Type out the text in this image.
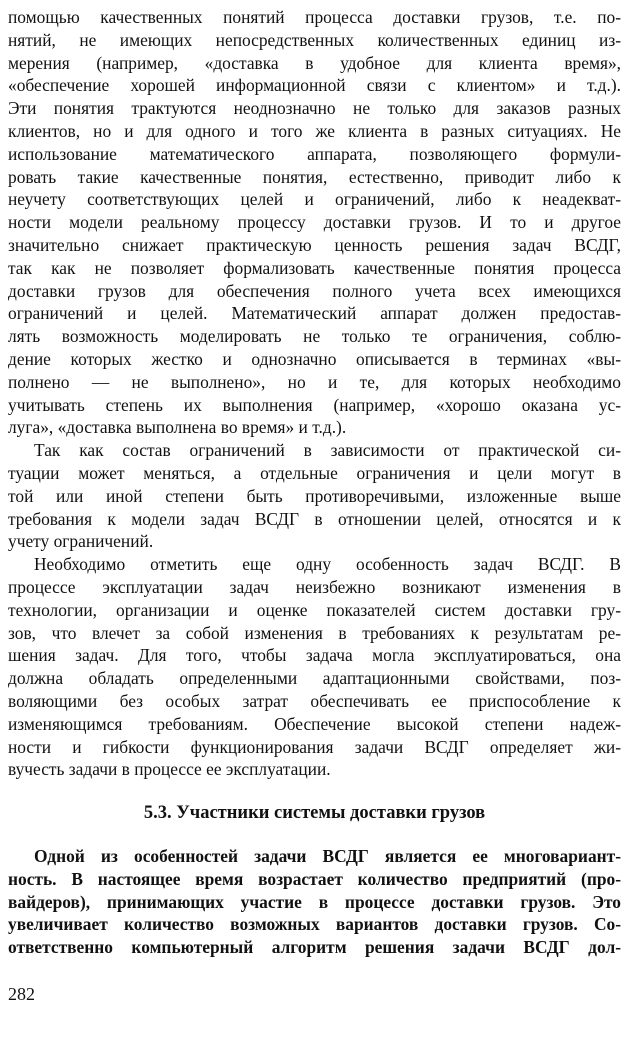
помощью качественных понятий процесса доставки грузов, т.е. по-
нятий, не имеющих непосредственных количественных единиц из-
мерения (например, «доставка в удобное для клиента время»,
«обеспечение хорошей информационной связи с клиентом» и т.д.).
Эти понятия трактуются неоднозначно не только для заказов разных
клиентов, но и для одного и того же клиента в разных ситуациях. Не
использование математического аппарата, позволяющего формули-
ровать такие качественные понятия, естественно, приводит либо к
неучету соответствующих целей и ограничений, либо к неадекват-
ности модели реальному процессу доставки грузов. И то и другое
значительно снижает практическую ценность решения задач ВСДГ,
так как не позволяет формализовать качественные понятия процесса
доставки грузов для обеспечения полного учета всех имеющихся
ограничений и целей. Математический аппарат должен предостав-
лять возможность моделировать не только те ограничения, соблю-
дение которых жестко и однозначно описывается в терминах «вы-
полнено — не выполнено», но и те, для которых необходимо
учитывать степень их выполнения (например, «хорошо оказана ус-
луга», «доставка выполнена во время» и т.д.).
Так как состав ограничений в зависимости от практической си-
туации может меняться, а отдельные ограничения и цели могут в
той или иной степени быть противоречивыми, изложенные выше
требования к модели задач ВСДГ в отношении целей, относятся и к
учету ограничений.
Необходимо отметить еще одну особенность задач ВСДГ. В
процессе эксплуатации задач неизбежно возникают изменения в
технологии, организации и оценке показателей систем доставки гру-
зов, что влечет за собой изменения в требованиях к результатам ре-
шения задач. Для того, чтобы задача могла эксплуатироваться, она
должна обладать определенными адаптационными свойствами, поз-
воляющими без особых затрат обеспечивать ее приспособление к
изменяющимся требованиям. Обеспечение высокой степени надеж-
ности и гибкости функционирования задачи ВСДГ определяет жи-
вучесть задачи в процессе ее эксплуатации.
5.3. Участники системы доставки грузов
Одной из особенностей задачи ВСДГ является ее многовариант-
ность. В настоящее время возрастает количество предприятий (про-
вайдеров), принимающих участие в процессе доставки грузов. Это
увеличивает количество возможных вариантов доставки грузов. Со-
ответственно компьютерный алгоритм решения задачи ВСДГ дол-
282
